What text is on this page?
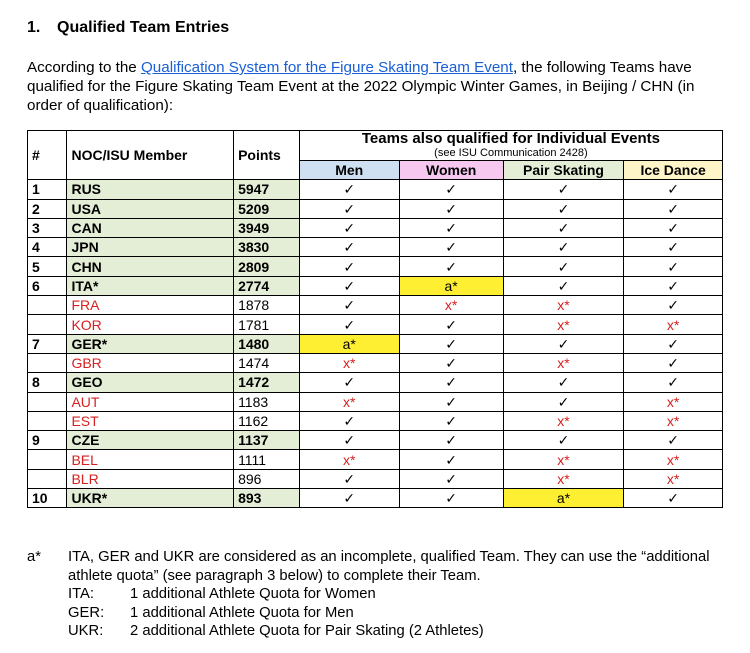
1. Qualified Team Entries
According to the Qualification System for the Figure Skating Team Event, the following Teams have qualified for the Figure Skating Team Event at the 2022 Olympic Winter Games, in Beijing / CHN (in order of qualification):
#	NOC/ISU Member	Points	Teams also qualified for Individual Events
(see ISU Communication 2428)			

			Men	Women	Pair Skating	Ice Dance
1	RUS	5947	✓	✓	✓	✓
2	USA	5209	✓	✓	✓	✓
3	CAN	3949	✓	✓	✓	✓
4	JPN	3830	✓	✓	✓	✓
5	CHN	2809	✓	✓	✓	✓
6	ITA*	2774	✓	a*	✓	✓
	FRA	1878	✓	x*	x*	✓
	KOR	1781	✓	✓	x*	x*
7	GER*	1480	a*	✓	✓	✓
	GBR	1474	x*	✓	x*	✓
8	GEO	1472	✓	✓	✓	✓
	AUT	1183	x*	✓	✓	x*
	EST	1162	✓	✓	x*	x*
9	CZE	1137	✓	✓	✓	✓
	BEL	1111	x*	✓	x*	x*
	BLR	896	✓	✓	x*	x*
10	UKR*	893	✓	✓	a*	✓
a* ITA, GER and UKR are considered as an incomplete, qualified Team. They can use the “additional athlete quota” (see paragraph 3 below) to complete their Team.
ITA:	1 additional Athlete Quota for Women
GER:	1 additional Athlete Quota for Men
UKR:	2 additional Athlete Quota for Pair Skating (2 Athletes)
